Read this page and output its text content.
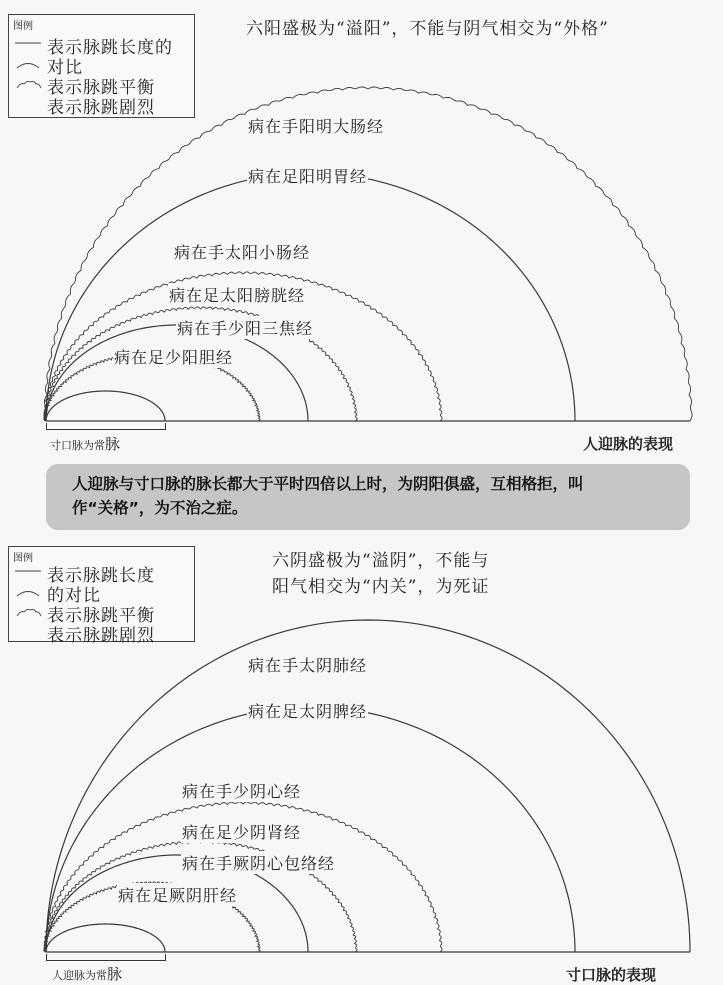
图例
表示脉跳长度的
对比
表示脉跳平衡
表示脉跳剧烈
六阳盛极为“溢阳”，不能与阴气相交为“外格”
病在手阳明大肠经
病在足阳明胃经
病在手太阳小肠经
病在足太阳膀胱经
病在手少阳三焦经
病在足少阳胆经
寸口脉为常脉	人迎脉的表现
人迎脉与寸口脉的脉长都大于平时四倍以上时，为阴阳俱盛，互相格拒，叫
作“关格”，为不治之症。
图例
表示脉跳长度
的对比
表示脉跳平衡
表示脉跳剧烈
六阴盛极为“溢阴”，不能与
阳气相交为“内关”，为死证
病在手太阴肺经
病在足太阴脾经
病在手少阴心经
病在足少阴肾经
病在手厥阴心包络经
病在足厥阴肝经
人迎脉为常脉	寸口脉的表现
